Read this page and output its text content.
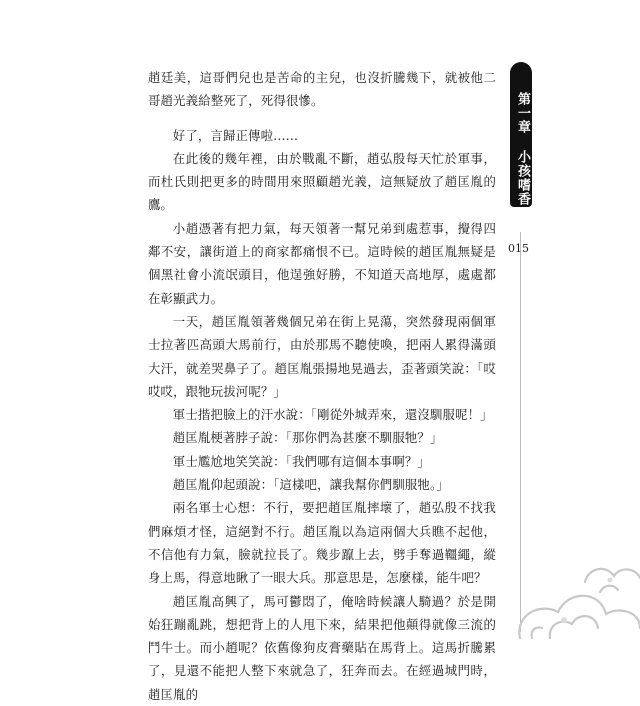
趙廷美，這哥們兒也是苦命的主兒，也沒折騰幾下，就被他二哥趙光義給整死了，死得很慘。

好了，言歸正傳啦……

在此後的幾年裡，由於戰亂不斷，趙弘殷每天忙於軍事，而杜氏則把更多的時間用來照顧趙光義，這無疑放了趙匡胤的鷹。

小趙憑著有把力氣，每天領著一幫兄弟到處惹事，攪得四鄰不安，讓街道上的商家都痛恨不已。這時候的趙匡胤無疑是個黑社會小流氓頭目，他逞強好勝，不知道天高地厚，處處都在彰顯武力。

一天，趙匡胤領著幾個兄弟在街上晃蕩，突然發現兩個軍士拉著匹高頭大馬前行，由於那馬不聽使喚，把兩人累得滿頭大汗，就差哭鼻子了。趙匡胤張揚地晃過去，歪著頭笑說：「哎哎哎，跟牠玩拔河呢？」

軍士揩把臉上的汗水說：「剛從外城弄來，還沒馴服呢！」

趙匡胤梗著脖子說：「那你們為甚麼不馴服牠？」

軍士尷尬地笑笑說：「我們哪有這個本事啊？」

趙匡胤仰起頭說：「這樣吧，讓我幫你們馴服牠。」

兩名軍士心想：不行，要把趙匡胤摔壞了，趙弘殷不找我們麻煩才怪，這絕對不行。趙匡胤以為這兩個大兵瞧不起他，不信他有力氣，臉就拉長了。幾步躥上去，劈手奪過韁繩，縱身上馬，得意地瞅了一眼大兵。那意思是，怎麼樣，能牛吧？

趙匡胤高興了，馬可鬱悶了，俺啥時候讓人騎過？於是開始狂蹦亂跳，想把背上的人甩下來，結果把他顛得就像三流的鬥牛士。而小趙呢？依舊像狗皮膏藥貼在馬背上。這馬折騰累了，見還不能把人整下來就急了，狂奔而去。在經過城門時，趙匡胤的

第一章 小孩嗜香
015
